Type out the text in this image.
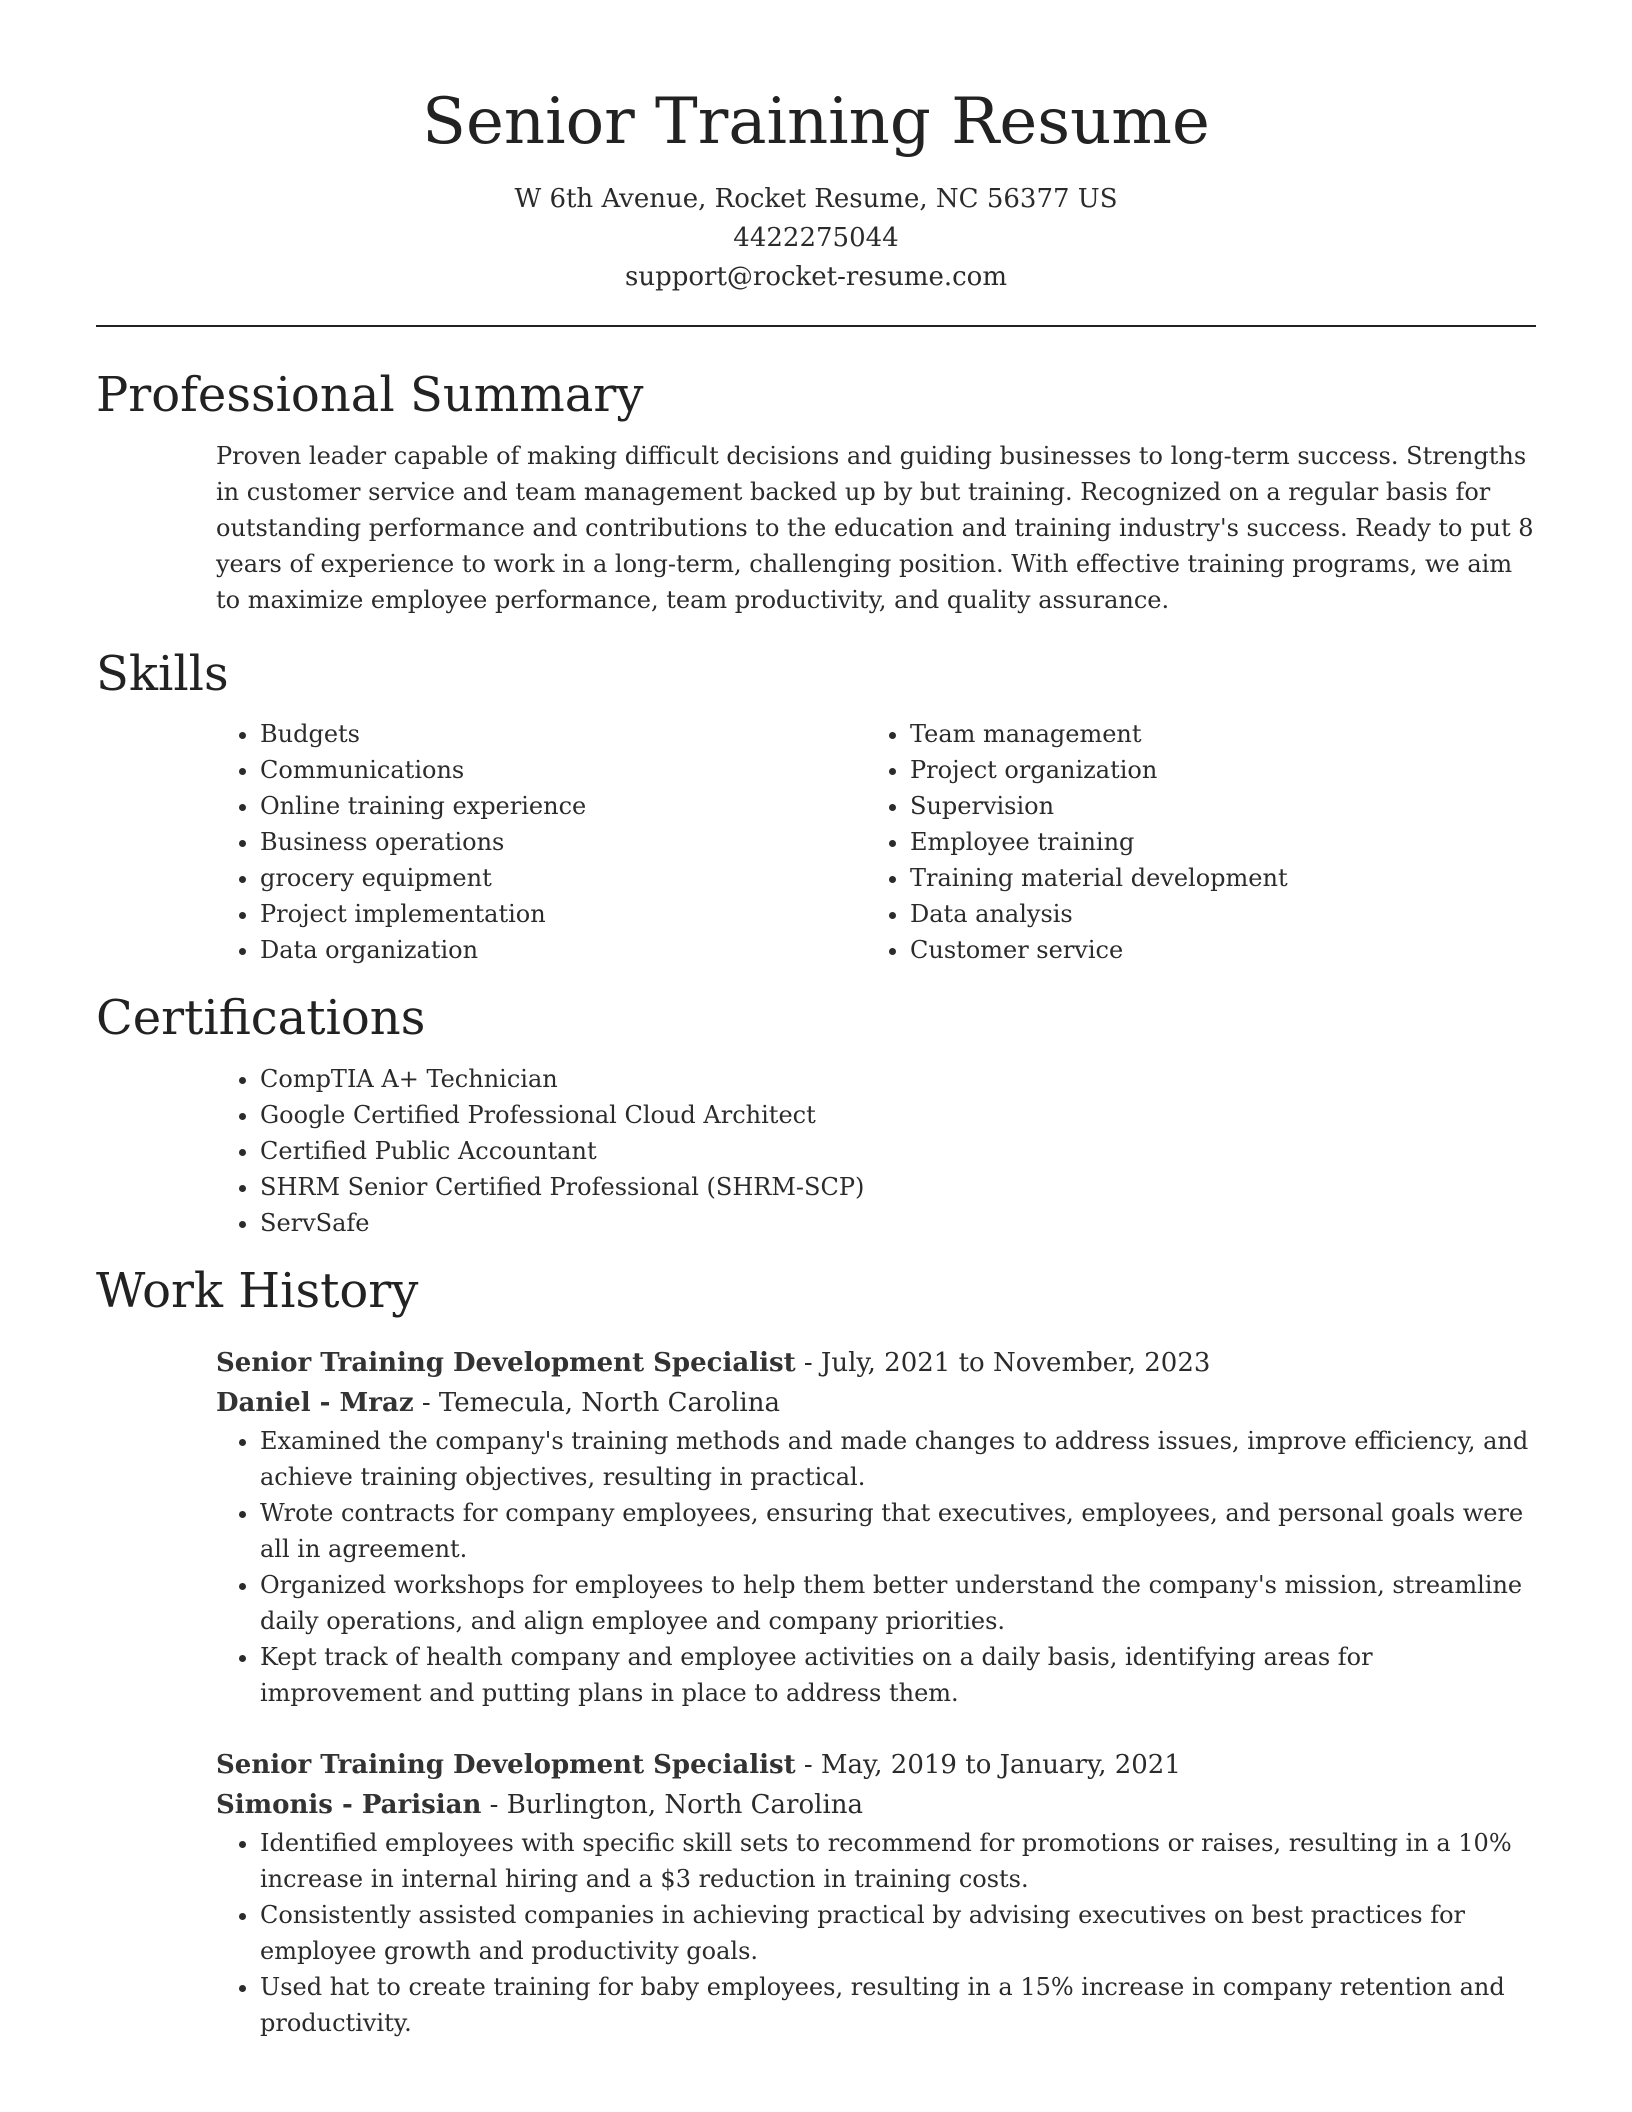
Senior Training Resume
W 6th Avenue, Rocket Resume, NC 56377 US
4422275044
support@rocket-resume.com
Professional Summary

Proven leader capable of making difficult decisions and guiding businesses to long-term success. Strengths in customer service and team management backed up by but training. Recognized on a regular basis for outstanding performance and contributions to the education and training industry's success. Ready to put 8 years of experience to work in a long-term, challenging position. With effective training programs, we aim to maximize employee performance, team productivity, and quality assurance.

Skills
• Budgets
• Communications
• Online training experience
• Business operations
• grocery equipment
• Project implementation
• Data organization
• Team management
• Project organization
• Supervision
• Employee training
• Training material development
• Data analysis
• Customer service
Certifications
• CompTIA A+ Technician
• Google Certified Professional Cloud Architect
• Certified Public Accountant
• SHRM Senior Certified Professional (SHRM-SCP)
• ServSafe
Work History
Senior Training Development Specialist - July, 2021 to November, 2023
Daniel - Mraz - Temecula, North Carolina
• Examined the company's training methods and made changes to address issues, improve efficiency, and achieve training objectives, resulting in practical.
• Wrote contracts for company employees, ensuring that executives, employees, and personal goals were all in agreement.
• Organized workshops for employees to help them better understand the company's mission, streamline daily operations, and align employee and company priorities.
• Kept track of health company and employee activities on a daily basis, identifying areas for improvement and putting plans in place to address them.
Senior Training Development Specialist - May, 2019 to January, 2021
Simonis - Parisian - Burlington, North Carolina
• Identified employees with specific skill sets to recommend for promotions or raises, resulting in a 10% increase in internal hiring and a $3 reduction in training costs.
• Consistently assisted companies in achieving practical by advising executives on best practices for employee growth and productivity goals.
• Used hat to create training for baby employees, resulting in a 15% increase in company retention and productivity.
